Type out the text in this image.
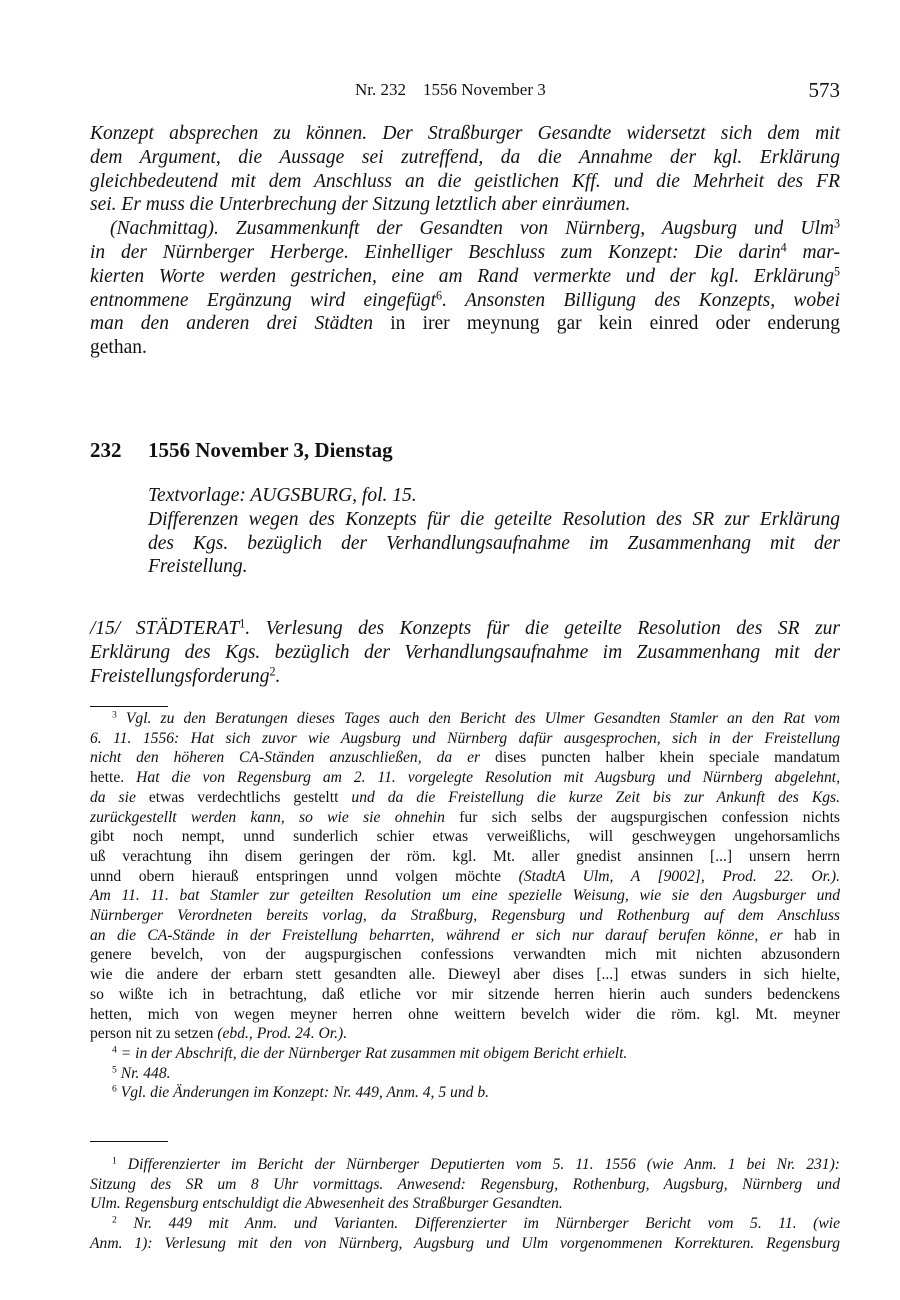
Nr. 232    1556 November 3	573
Konzept absprechen zu können. Der Straßburger Gesandte widersetzt sich dem mit
dem Argument, die Aussage sei zutreffend, da die Annahme der kgl. Erklärung
gleichbedeutend mit dem Anschluss an die geistlichen Kff. und die Mehrheit des FR
sei. Er muss die Unterbrechung der Sitzung letztlich aber einräumen.
(Nachmittag). Zusammenkunft der Gesandten von Nürnberg, Augsburg und Ulm$^3$
in der Nürnberger Herberge. Einhelliger Beschluss zum Konzept: Die darin$^4$ mar-
kierten Worte werden gestrichen, eine am Rand vermerkte und der kgl. Erklärung$^5$
entnommene Ergänzung wird eingefügt$^6$. Ansonsten Billigung des Konzepts, wobei
man den anderen drei Städten in irer meynung gar kein einred oder enderung
gethan.
232 1556 November 3, Dienstag
Textvorlage: AUGSBURG, fol. 15.
Differenzen wegen des Konzepts für die geteilte Resolution des SR zur Erklärung
des Kgs. bezüglich der Verhandlungsaufnahme im Zusammenhang mit der
Freistellung.
/15/ STÄDTERAT$^1$. Verlesung des Konzepts für die geteilte Resolution des SR zur
Erklärung des Kgs. bezüglich der Verhandlungsaufnahme im Zusammenhang mit der
Freistellungsforderung$^2$.
$^3$ Vgl. zu den Beratungen dieses Tages auch den Bericht des Ulmer Gesandten Stamler an den Rat vom
6. 11. 1556: Hat sich zuvor wie Augsburg und Nürnberg dafür ausgesprochen, sich in der Freistellung
nicht den höheren CA-Ständen anzuschließen, da er dises puncten halber khein speciale mandatum
hette. Hat die von Regensburg am 2. 11. vorgelegte Resolution mit Augsburg und Nürnberg abgelehnt,
da sie etwas verdechtlichs gesteltt und da die Freistellung die kurze Zeit bis zur Ankunft des Kgs.
zurückgestellt werden kann, so wie sie ohnehin fur sich selbs der augspurgischen confession nichts
gibt noch nempt, unnd sunderlich schier etwas verweißlichs, will geschweygen ungehorsamlichs
uß verachtung ihn disem geringen der röm. kgl. Mt. aller gnedist ansinnen [...] unsern herrn
unnd obern hierauß entspringen unnd volgen möchte (StadtA Ulm, A [9002], Prod. 22. Or.).
Am 11. 11. bat Stamler zur geteilten Resolution um eine spezielle Weisung, wie sie den Augsburger und
Nürnberger Verordneten bereits vorlag, da Straßburg, Regensburg und Rothenburg auf dem Anschluss
an die CA-Stände in der Freistellung beharrten, während er sich nur darauf berufen könne, er hab in
genere bevelch, von der augspurgischen confessions verwandten mich mit nichten abzusondern
wie die andere der erbarn stett gesandten alle. Dieweyl aber dises [...] etwas sunders in sich hielte,
so wißte ich in betrachtung, daß etliche vor mir sitzende herren hierin auch sunders bedenckens
hetten, mich von wegen meyner herren ohne weittern bevelch wider die röm. kgl. Mt. meyner
person nit zu setzen (ebd., Prod. 24. Or.).
$^4$ = in der Abschrift, die der Nürnberger Rat zusammen mit obigem Bericht erhielt.
$^5$ Nr. 448.
$^6$ Vgl. die Änderungen im Konzept: Nr. 449, Anm. 4, 5 und b.
$^1$ Differenzierter im Bericht der Nürnberger Deputierten vom 5. 11. 1556 (wie Anm. 1 bei Nr. 231):
Sitzung des SR um 8 Uhr vormittags. Anwesend: Regensburg, Rothenburg, Augsburg, Nürnberg und
Ulm. Regensburg entschuldigt die Abwesenheit des Straßburger Gesandten.
$^2$ Nr. 449 mit Anm. und Varianten. Differenzierter im Nürnberger Bericht vom 5. 11. (wie
Anm. 1): Verlesung mit den von Nürnberg, Augsburg und Ulm vorgenommenen Korrekturen. Regensburg
